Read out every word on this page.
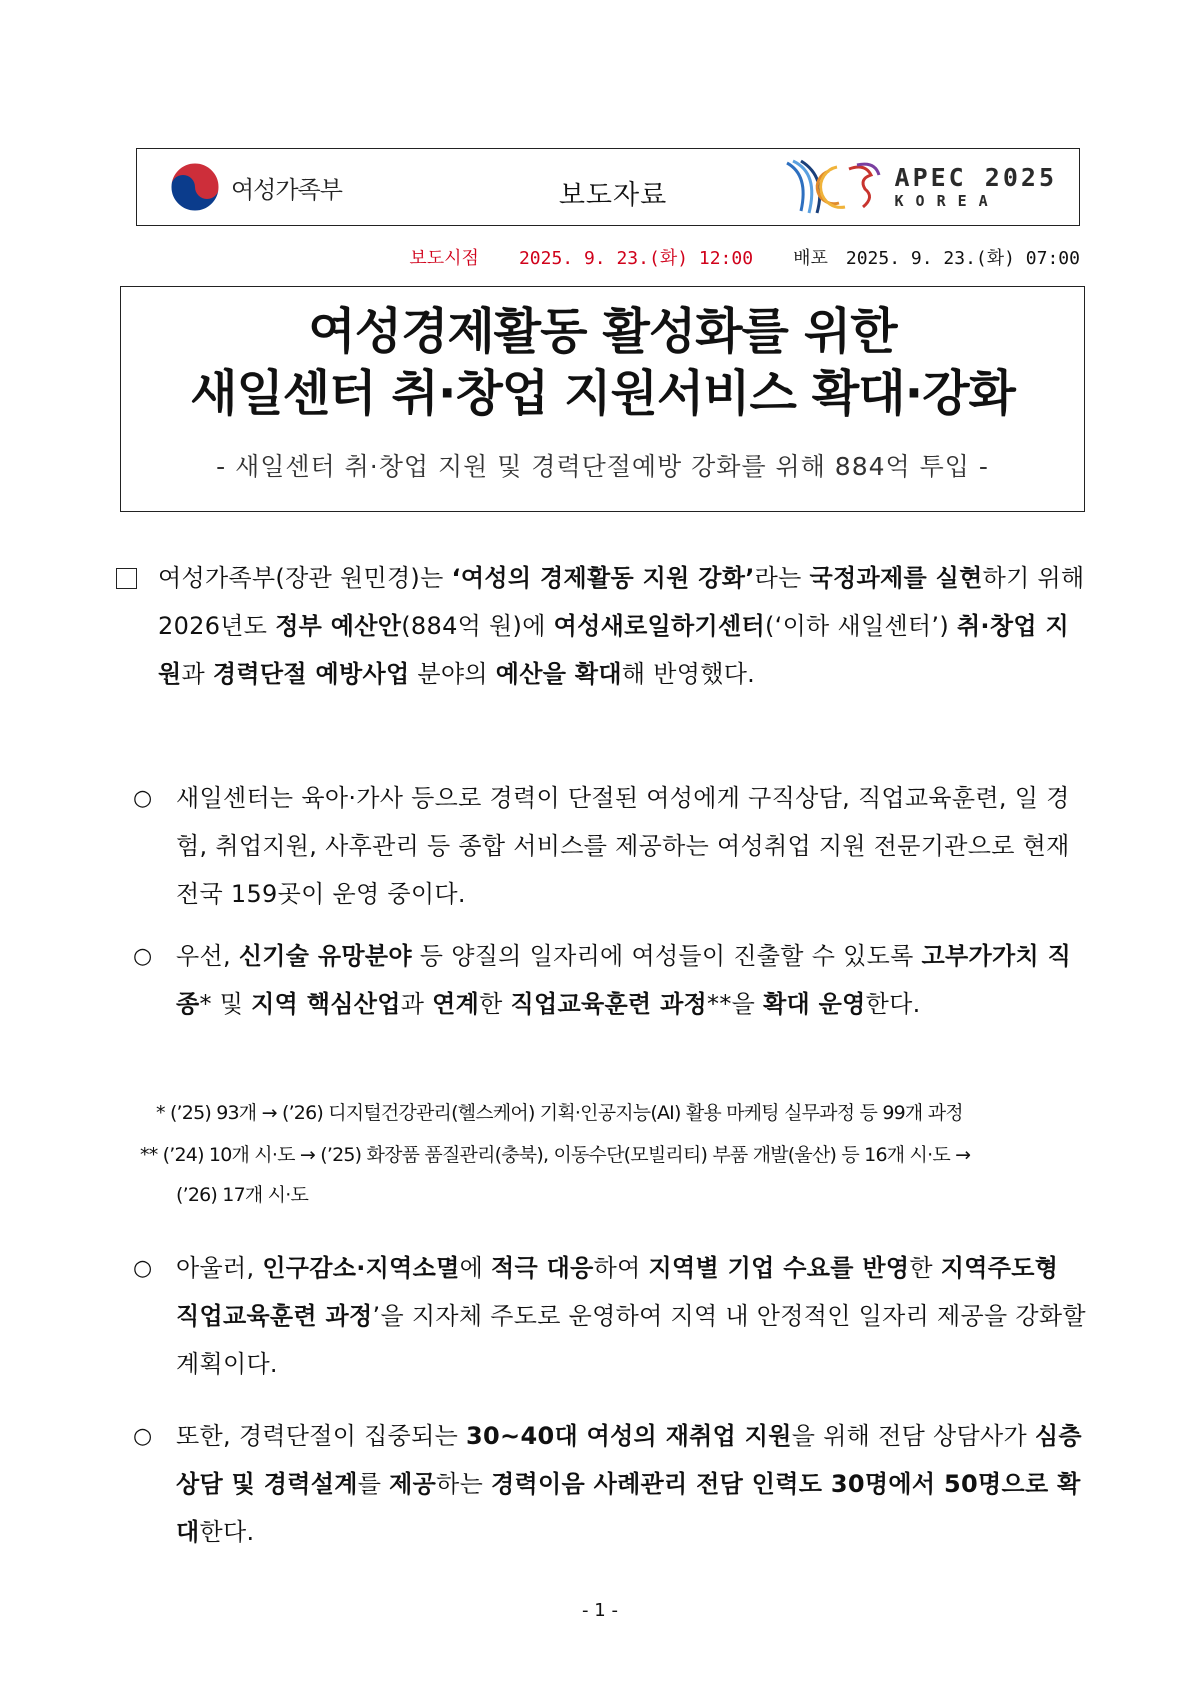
여성가족부	보도자료
APEC 2025
KOREA
보도시점 2025. 9. 23.(화) 12:00 배포 2025. 9. 23.(화) 07:00
여성경제활동 활성화를 위한
새일센터 취·창업 지원서비스 확대·강화
- 새일센터 취·창업 지원 및 경력단절예방 강화를 위해 884억 투입 -
여성가족부(장관 원민경)는 ‘여성의 경제활동 지원 강화’라는 국정과제를 실현하기 위해 2026년도 정부 예산안(884억 원)에 여성새로일하기센터(‘이하 새일센터’) 취·창업 지원과 경력단절 예방사업 분야의 예산을 확대해 반영했다.
○ 새일센터는 육아·가사 등으로 경력이 단절된 여성에게 구직상담, 직업교육훈련, 일 경험, 취업지원, 사후관리 등 종합 서비스를 제공하는 여성취업 지원 전문기관으로 현재 전국 159곳이 운영 중이다.
○ 우선, 신기술 유망분야 등 양질의 일자리에 여성들이 진출할 수 있도록 고부가가치 직종* 및 지역 핵심산업과 연계한 직업교육훈련 과정**을 확대 운영한다.
* (’25) 93개 → (’26) 디지털건강관리(헬스케어) 기획·인공지능(AI) 활용 마케팅 실무과정 등 99개 과정
** (’24) 10개 시·도 → (’25) 화장품 품질관리(충북), 이동수단(모빌리티) 부품 개발(울산) 등 16개 시·도 →
(’26) 17개 시·도
○ 아울러, 인구감소·지역소멸에 적극 대응하여 지역별 기업 수요를 반영한 지역주도형 직업교육훈련 과정’을 지자체 주도로 운영하여 지역 내 안정적인 일자리 제공을 강화할 계획이다.
○ 또한, 경력단절이 집중되는 30~40대 여성의 재취업 지원을 위해 전담 상담사가 심층상담 및 경력설계를 제공하는 경력이음 사례관리 전담 인력도 30명에서 50명으로 확대한다.
- 1 -
